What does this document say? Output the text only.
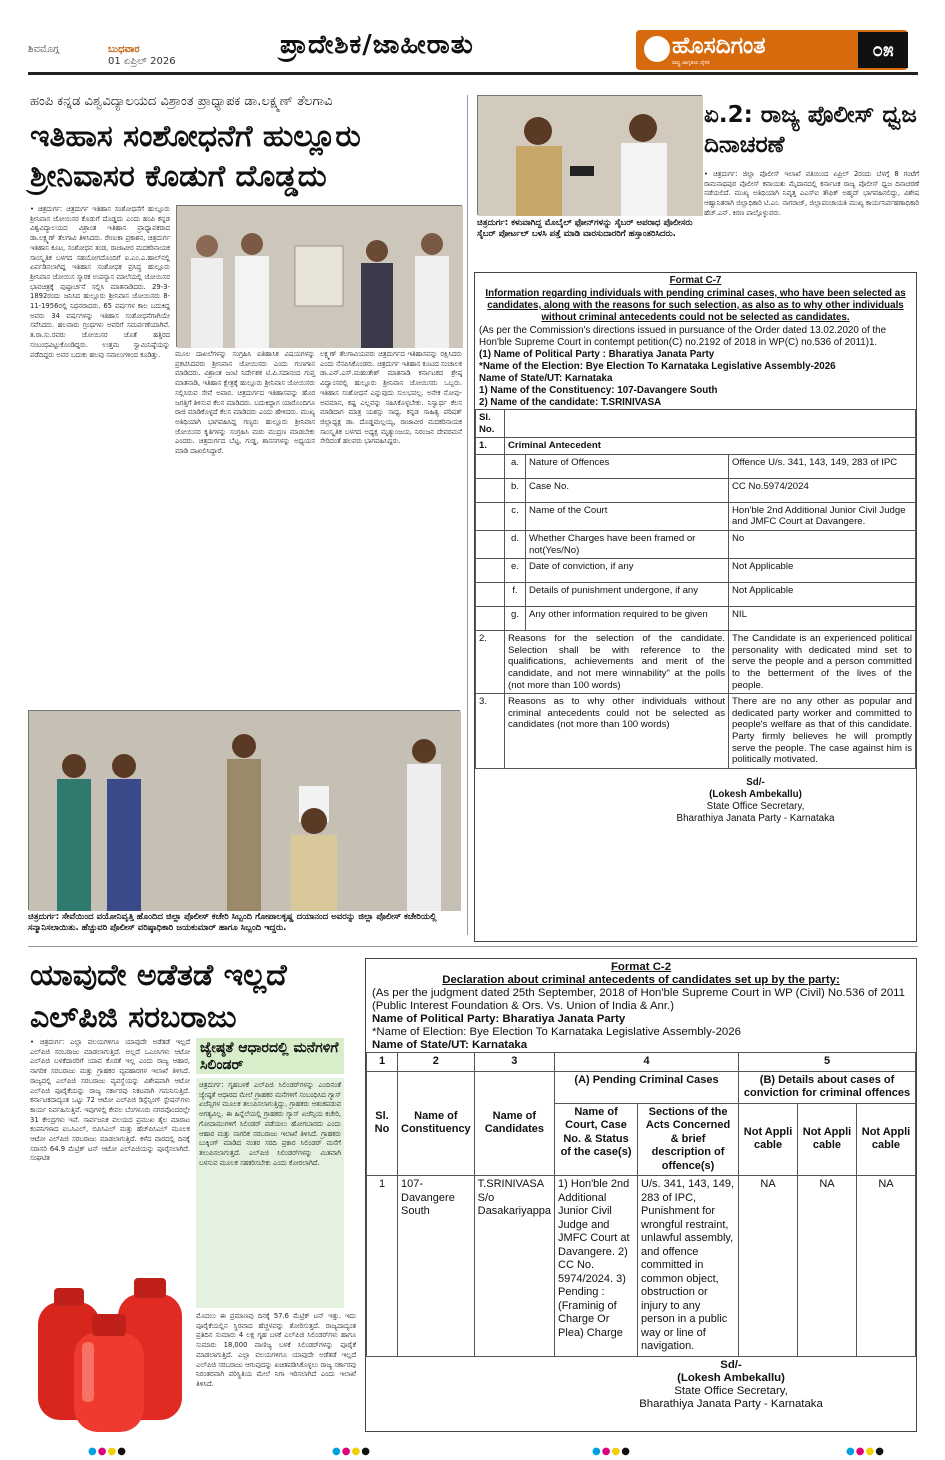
ಶಿವಮೊಗ್ಗ	ಬುಧವಾರ
01 ಏಪ್ರಿಲ್ 2026
ಪ್ರಾದೇಶಿಕ/ಜಾಹೀರಾತು	ಹೊಸದಿಗಂತ
ರಾಷ್ಟ್ರ ಜಾಗೃತಿಯ ದೈನಿಕ
೦೫
ಹಂಪಿ ಕನ್ನಡ ವಿಶ್ವವಿದ್ಯಾಲಯದ ವಿಶ್ರಾಂತ ಪ್ರಾಧ್ಯಾಪಕ ಡಾ.ಲಕ್ಷ್ಮಣ್ ತೆಲಗಾವಿ
ಇತಿಹಾಸ ಸಂಶೋಧನೆಗೆ ಹುಲ್ಲೂರು ಶ್ರೀನಿವಾಸರ ಕೊಡುಗೆ ದೊಡ್ಡದು
• ಚಿತ್ರದುರ್ಗ: ಚಿತ್ರದುರ್ಗ ಇತಿಹಾಸ ಸಂಶೋಧನೆಗೆ ಹುಲ್ಲೂರು ಶ್ರೀನಿವಾಸ ಜೋಯಿಸರ ಕೊಡುಗೆ ದೊಡ್ಡದು ಎಂದು ಹಂಪಿ ಕನ್ನಡ ವಿಶ್ವವಿದ್ಯಾಲಯದ ವಿಶ್ರಾಂತ ಇತಿಹಾಸ ಪ್ರಾಧ್ಯಾಪಕರಾದ ಡಾ.ಲಕ್ಷ್ಮಣ್ ತೆಲಗಾವಿ ತಿಳಿಸಿದರು. ರೇಣುಕಾ ಪ್ರಕಾಶನ, ಚಿತ್ರದುರ್ಗ ಇತಿಹಾಸ ಕೂಟ, ಸಂಶೋಧನ ತಂಡ, ರಾಜಾವೀರ ಮದಕರಿನಾಯಕ ಸಾಂಸ್ಕೃತಿಕ ಬಳಗದ ಸಹಯೋಗದೊಂದಿಗೆ ಐ.ಎಂ.ಎ.ಹಾಲ್‌ನಲ್ಲಿ ಏರ್ಪಡಿಸಲಾಗಿದ್ದ ಇತಿಹಾಸ ಸಂಶೋಧಕ ಪ್ರಸಿದ್ಧ ಹುಲ್ಲೂರು ಶ್ರೀನಿವಾಸ ಜೋಯಿಸ ಸ್ಮಾರಕ ಉಪನ್ಯಾಸ ಮಾಲೆಯಲ್ಲಿ ಜೋಯಿಸರ ಭಾವಚಿತ್ರಕ್ಕೆ ಪುಷ್ಪಾರ್ಚನೆ ಸಲ್ಲಿಸಿ ಮಾತನಾಡಿದರು. 29-3-1892ರಂದು ಜನಿಸಿದ ಹುಲ್ಲೂರು ಶ್ರೀನಿವಾಸ ಜೋಯಿಸರು 8-11-1956ರಲ್ಲಿ ನಿಧನರಾದರು. 65 ವರ್ಷಗಳ ಕಾಲ ಬದುಕಿದ್ದ ಅವರು 34 ವರ್ಷಗಳನ್ನು ಇತಿಹಾಸ ಸಂಶೋಧನೆಗಾಗಿಯೇ ಸವೆಸಿದರು. ಹಲವಾರು ಗ್ರಂಥಗಳು ಅವರಿಗೆ ಸಮರ್ಪಣೆಯಾಗಿವೆ. ತ.ರಾ.ಸು.ರವರು ಜೋಯಿಸರ ಜೊತೆ ಹತ್ತಿರದ ಸಂಬಂಧವಿಟ್ಟುಕೊಂಡಿದ್ದರು. ಉತ್ತಮ ಸ್ವಾಮಿನಿಷ್ಠೆಯನ್ನು ಪಡೆದಿದ್ದರು ಅವರ ಬದುಕು ಹಲವು ಸವಾಲುಗಳಿಂದ ಕೂಡಿತ್ತು.	ಮೂಲ ದಾಖಲೆಗಳನ್ನು ಸಂಗ್ರಹಿಸಿ ಐತಿಹಾಸಿಕ ವಿಷಯಗಳನ್ನು ಪ್ರಕಟಿಸಿದವರು ಶ್ರೀನಿವಾಸ ಜೋಯಿಸರು ಎಂದು ಗುಣಗಾನ ಮಾಡಿದರು. ವಿಶ್ರಾಂತ ಜಂಟಿ ನಿರ್ದೇಶಕ ಟಿ.ಪಿ.ಸದಾನಂದ ಗುಪ್ತ ಮಾತನಾಡಿ, ಇತಿಹಾಸ ಕ್ಷೇತ್ರಕ್ಕೆ ಹುಲ್ಲೂರು ಶ್ರೀನಿವಾಸ ಜೋಯಿಸರು ಸಲ್ಲಿಸಿರುವ ಸೇವೆ ಅಪಾರ. ಚಿತ್ರದುರ್ಗದ ಇತಿಹಾಸವನ್ನು ಹೊರ ಜಗತ್ತಿಗೆ ತಿಳಿಸುವ ಕೆಲಸ ಮಾಡಿದರು. ಬದುಕಿದ್ದಾಗ ಯಾರೊಂದಿಗೂ ರಾಜಿ ಮಾಡಿಕೊಳ್ಳದೆ ಕೆಲಸ ಮಾಡಿದರು ಎಂದು ಹೇಳಿದರು. ಮುಖ್ಯ ಅತಿಥಿಯಾಗಿ ಭಾಗವಹಿಸಿದ್ದ ಗಣ್ಯರು ಹುಲ್ಲೂರು ಶ್ರೀನಿವಾಸ ಜೋಯಿಸರ ಕೃತಿಗಳನ್ನು ಸಂಗ್ರಹಿಸಿ ಮರು ಮುದ್ರಣ ಮಾಡಬೇಕು ಎಂದರು. ಚಿತ್ರದುರ್ಗದ ಬೆಟ್ಟ, ಗುಡ್ಡ, ಶಾಸನಗಳನ್ನು ಅಧ್ಯಯನ ಮಾಡಿ ದಾಖಲಿಸಿದ್ದಾರೆ.
ಲಕ್ಷ್ಮಣ್ ತೆಲಗಾವಿಯವರು ಚಿತ್ರದುರ್ಗದ ಇತಿಹಾಸವನ್ನು ರಕ್ಷಿಸಿದರು ಎಂದು ನೆನಪಿಸಿಕೊಂಡರು. ಚಿತ್ರದುರ್ಗ ಇತಿಹಾಸ ಕೂಟದ ಸಂಚಾಲಕ ಡಾ.ಎನ್.ಎಸ್.ಮಹಂತೇಶ್ ಮಾತನಾಡಿ ಕರ್ನಾಟಕದ ಶ್ರೇಷ್ಠ ವಿದ್ವಾಂಸರಲ್ಲಿ ಹುಲ್ಲೂರು ಶ್ರೀನಿವಾಸ ಜೋಯಿಸರು ಒಬ್ಬರು. ಇತಿಹಾಸ ಸಂಶೋಧನೆ ಎನ್ನುವುದು ಸುಲಭವಲ್ಲ. ಅನೇಕ ನೋವು-ಅವಮಾನ, ಕಷ್ಟ ಎಲ್ಲವನ್ನು ಸಹಿಸಿಕೊಳ್ಳಬೇಕು. ನಿಸ್ವಾರ್ಥ ಕೆಲಸ ಮಾಡಿದಾಗ ಮಾತ್ರ ಯಶಸ್ಸು ಸಾಧ್ಯ. ಕನ್ನಡ ಸಾಹಿತ್ಯ ಪರಿಷತ್ ಜಿಲ್ಲಾಧ್ಯಕ್ಷ ಡಾ. ದೊಡ್ಡಮಲ್ಲಯ್ಯ, ರಾಜಾವೀರ ಮದಕರಿನಾಯಕ ಸಾಂಸ್ಕೃತಿಕ ಬಳಗದ ಅಧ್ಯಕ್ಷ ಮೃತ್ಯುಂಜಯ, ನಿರಂಜನ ದೇವರಮನೆ ಸೇರಿದಂತೆ ಹಲವರು ಭಾಗವಹಿಸಿದ್ದರು.
ಚಿತ್ರದುರ್ಗ: ಸೇವೆಯಿಂದ ವಯೋನಿವೃತ್ತಿ ಹೊಂದಿದ ಜಿಲ್ಲಾ ಪೊಲೀಸ್ ಕಚೇರಿ ಸಿಬ್ಬಂದಿ ಗೋಪಾಲಕೃಷ್ಣ ದಯಾನಂದ ಅವರನ್ನು ಜಿಲ್ಲಾ ಪೊಲೀಸ್ ಕಚೇರಿಯಲ್ಲಿ ಸನ್ಮಾನಿಸಲಾಯಿತು. ಹೆಚ್ಚುವರಿ ಪೊಲೀಸ್ ವರಿಷ್ಠಾಧಿಕಾರಿ ಜಯಕುಮಾರ್ ಹಾಗೂ ಸಿಬ್ಬಂದಿ ಇದ್ದರು.
ಚಿತ್ರದುರ್ಗ: ಕಳುವಾಗಿದ್ದ ಮೊಬೈಲ್ ಫೋನ್‌ಗಳನ್ನು ಸೈಬರ್ ಅಪರಾಧ ಪೊಲೀಸರು ಸೈಬರ್ ಪೋರ್ಟಲ್ ಬಳಸಿ ಪತ್ತೆ ಮಾಡಿ ವಾರಸುದಾರರಿಗೆ ಹಸ್ತಾಂತರಿಸಿದರು.
ಏ.2: ರಾಜ್ಯ ಪೊಲೀಸ್ ಧ್ವಜ ದಿನಾಚರಣೆ
• ಚಿತ್ರದುರ್ಗ: ಜಿಲ್ಲಾ ಪೊಲೀಸ್ ಇಲಾಖೆ ವತಿಯಿಂದ ಏಪ್ರಿಲ್ 2ರಂದು ಬೆಳಗ್ಗೆ 8 ಗಂಟೆಗೆ ರಾಮನಾಥಪುರ ಪೊಲೀಸ್ ಕವಾಯತು ಮೈದಾನದಲ್ಲಿ ಕರ್ನಾಟಕ ರಾಜ್ಯ ಪೊಲೀಸ್ ಧ್ವಜ ದಿನಾಚರಣೆ ನಡೆಯಲಿದೆ. ಮುಖ್ಯ ಅತಿಥಿಯಾಗಿ ನಿವೃತ್ತ ಎಎಸ್‌ಐ ತೌಫಿಕ್ ಅಹ್ಮದ್ ಭಾಗವಹಿಸಲಿದ್ದು, ವಿಶೇಷ ಆಹ್ವಾನಿತರಾಗಿ ಜಿಲ್ಲಾಧಿಕಾರಿ ಟಿ.ಎಂ. ನಾಗರಾಜ್, ಜಿಲ್ಲಾಪಂಚಾಯತಿ ಮುಖ್ಯ ಕಾರ್ಯನಿರ್ವಹಣಾಧಿಕಾರಿ ಹೆಚ್.ಎನ್. ಕಿರಣ ಪಾಲ್ಗೊಳ್ಳುವರು.
Format C-7
Information regarding individuals with pending criminal cases, who have been selected as candidates, along with the reasons for such selection, as also as to why other individuals without criminal antecedents could not be selected as candidates.

(As per the Commission's directions issued in pursuance of the Order dated 13.02.2020 of the Hon'ble Supreme Court in contempt petition(C) no.2192 of 2018 in WP(C) no.536 of 2011)1.

(1) Name of Political Party : Bharatiya Janata Party

*Name of the Election: Bye Election To Karnataka Legislative Assembly-2026

Name of State/UT: Karnataka

1) Name of the Constituency: 107-Davangere South

2) Name of the candidate: T.SRINIVASA

Sl. No.			
1.	Criminal Antecedent		
	a.	Nature of Offences	Offence U/s. 341, 143, 149, 283 of IPC
	b.	Case No.	CC No.5974/2024
	c.	Name of the Court	Hon'ble 2nd Additional Junior Civil Judge and JMFC Court at Davangere.
	d.	Whether Charges have been framed or not(Yes/No)	No
	e.	Date of conviction, if any	Not Applicable
	f.	Details of punishment undergone, if any	Not Applicable
	g.	Any other information required to be given	NIL
2.	Reasons for the selection of the candidate. Selection shall be with reference to the qualifications, achievements and merit of the candidate, and not mere winnability" at the polls (not more than 100 words)		The Candidate is an experienced political personality with dedicated mind set to serve the people and a person committed to the betterment of the lives of the people.
3.	Reasons as to why other individuals without criminal antecedents could not be selected as candidates (not more than 100 words)		There are no any other as popular and dedicated party worker and committed to people's welfare as that of this candidate. Party firmly believes he will promptly serve the people. The case against him is politically motivated.
Sd/-
(Lokesh Ambekallu)
State Office Secretary,
Bharathiya Janata Party - Karnataka
ಯಾವುದೇ ಅಡೆತಡೆ ಇಲ್ಲದೆ ಎಲ್‌ಪಿಜಿ ಸರಬರಾಜು
• ಚಿತ್ರದುರ್ಗ: ಎಲ್ಲಾ ವಲಯಗಳಿಗೂ ಯಾವುದೇ ಅಡೆತಡೆ ಇಲ್ಲದೆ ಎಲ್‌ಪಿಜಿ ಸರಬರಾಜು ಮಾಡಲಾಗುತ್ತಿದೆ. ಅಲ್ಲದೆ ಒಎಂಸಿಗಳು ಆಟೋ ಎಲ್‌ಪಿಜಿ ಬಳಕೆದಾರರಿಗೆ ಯಾವ ಕೊರತೆ ಇಲ್ಲ ಎಂದು ರಾಜ್ಯ ಆಹಾರ, ನಾಗರಿಕ ಸರಬರಾಜು ಮತ್ತು ಗ್ರಾಹಕರ ವ್ಯವಹಾರಗಳ ಇಲಾಖೆ ತಿಳಿಸಿದೆ. ರಾಜ್ಯದಲ್ಲಿ ಎಲ್‌ಪಿಜಿ ಸರಬರಾಜು ವ್ಯವಸ್ಥೆಯನ್ನು ವಿಶೇಷವಾಗಿ ಆಟೋ ಎಲ್‌ಪಿಜಿ ಪೂರೈಕೆಯನ್ನು ರಾಜ್ಯ ಸರ್ಕಾರವು ನಿಕಟವಾಗಿ ಗಮನಿಸುತ್ತಿದೆ. ಕರ್ನಾಟಕದಾದ್ಯಂತ ಒಟ್ಟು 72 ಆಟೋ ಎಲ್‌ಪಿಜಿ ಡಿಸ್ಪೆನ್ಸಿಂಗ್ ಸ್ಟೇಷನ್‌ಗಳು ಕಾರ್ಯ ನಿರ್ವಹಿಸುತ್ತಿವೆ. ಇವುಗಳಲ್ಲಿ ಕೇವಲ ಬೆಂಗಳೂರು ನಗರವೊಂದರಲ್ಲೇ 31 ಕೇಂದ್ರಗಳು ಇವೆ. ಸಾರ್ವಜನಿಕ ವಲಯದ ಪ್ರಮುಖ ತೈಲ ಮಾರಾಟ ಕಂಪನಿಗಳಾದ ಐಒಸಿಎಲ್, ಬಿಪಿಸಿಎಲ್ ಮತ್ತು ಹೆಚ್‌ಪಿಸಿಎಲ್ ಮೂಲಕ ಆಟೋ ಎಲ್‌ಪಿಜಿ ಸರಬರಾಜು ಮಾಡಲಾಗುತ್ತಿದೆ. ಕಳೆದ ವಾರದಲ್ಲಿ ದಿನಕ್ಕೆ ಸರಾಸರಿ 64.9 ಮೆಟ್ರಿಕ್ ಟನ್ ಆಟೋ ಎಲ್‌ಪಿಜಿಯನ್ನು ಪೂರೈಸಲಾಗಿದೆ. ಸಂಘಟಿತ
ಜ್ಯೇಷ್ಠತೆ ಆಧಾರದಲ್ಲಿ ಮನೆಗಳಿಗೆ ಸಿಲಿಂಡರ್
ಚಿತ್ರದುರ್ಗ: ಗೃಹಬಳಕೆ ಎಲ್‌ಪಿಜಿ ಸಿಲಿಂಡರ್‌ಗಳನ್ನು ಎಂದಿನಂತೆ ಜ್ಯೇಷ್ಠತೆ ಆಧಾರದ ಮೇಲೆ ಗ್ರಾಹಕರ ಮನೆಗಳಿಗೆ ಸಂಬಂಧಿಸಿದ ಗ್ಯಾಸ್ ಏಜೆನ್ಸಿಗಳ ಮೂಲಕ ತಲುಪಿಸಲಾಗುತ್ತಿದ್ದು, ಗ್ರಾಹಕರು ಆತಂಕಪಡುವ ಅಗತ್ಯವಿಲ್ಲ. ಈ ಹಿನ್ನೆಲೆಯಲ್ಲಿ ಗ್ರಾಹಕರು ಗ್ಯಾಸ್ ಏಜೆನ್ಸಿಯ ಕಚೇರಿ, ಗೋದಾಮುಗಳಿಗೆ ಸಿಲಿಂಡರ್ ಪಡೆಯಲು ಹೋಗಬಾರದು ಎಂದು ಆಹಾರ ಮತ್ತು ನಾಗರಿಕ ಸರಬರಾಜು ಇಲಾಖೆ ತಿಳಿಸಿದೆ. ಗ್ರಾಹಕರು ಬುಕ್ಕಿಂಗ್ ಮಾಡಿದ ನಂತರ ಸರದಿ ಪ್ರಕಾರ ಸಿಲಿಂಡರ್ ಮನೆಗೆ ತಲುಪಿಸಲಾಗುತ್ತದೆ. ಎಲ್‌ಪಿಜಿ ಸಿಲಿಂಡರ್‌ಗಳನ್ನು ಮಿತವಾಗಿ ಬಳಸುವ ಮೂಲಕ ಸಹಕರಿಸಬೇಕು ಎಂದು ಕೋರಲಾಗಿದೆ.
ಮೊದಲು ಈ ಪ್ರಮಾಣವು ದಿನಕ್ಕೆ 57.6 ಮೆಟ್ರಿಕ್ ಟನ್ ಇತ್ತು. ಇದು ಪೂರೈಕೆಯಲ್ಲಿನ ಸ್ಥಿರವಾದ ಹೆಚ್ಚಳವನ್ನು ತೋರಿಸುತ್ತದೆ. ರಾಜ್ಯದಾದ್ಯಂತ ಪ್ರತಿದಿನ ಸುಮಾರು 4 ಲಕ್ಷ ಗೃಹ ಬಳಕೆ ಎಲ್‌ಪಿಜಿ ಸಿಲಿಂಡರ್‌ಗಳು ಹಾಗೂ ಸುಮಾರು 18,000 ವಾಣಿಜ್ಯ ಬಳಕೆ ಸಿಲಿಂಡರ್‌ಗಳನ್ನು ಪೂರೈಕೆ ಮಾಡಲಾಗುತ್ತಿದೆ. ಎಲ್ಲಾ ವಲಯಗಳಿಗೂ ಯಾವುದೇ ಅಡೆತಡೆ ಇಲ್ಲದೆ ಎಲ್‌ಪಿಜಿ ಸರಬರಾಜು ಆಗುವುದನ್ನು ಖಚಿತಪಡಿಸಿಕೊಳ್ಳಲು ರಾಜ್ಯ ಸರ್ಕಾರವು ನಿರಂತರವಾಗಿ ಪರಿಸ್ಥಿತಿಯ ಮೇಲೆ ನಿಗಾ ಇರಿಸಲಾಗಿದೆ ಎಂದು ಇಲಾಖೆ ತಿಳಿಸಿದೆ.
Format C-2
Declaration about criminal antecedents of candidates set up by the party:

(As per the judgment dated 25th September, 2018 of Hon'ble Supreme Court in WP (Civil) No.536 of 2011 (Public Interest Foundation & Ors. Vs. Union of India & Anr.)

Name of Political Party: Bharatiya Janata Party

*Name of Election: Bye Election To Karnataka Legislative Assembly-2026

Name of State/UT: Karnataka

1	2	3	4		5		
Sl. No	Name of Constituency	Name of Candidates	(A) Pending Criminal Cases		(B) Details about cases of conviction for criminal offences		
			Name of Court, Case No. & Status of the case(s)	Sections of the Acts Concerned & brief description of offence(s)	Not Appli cable	Not Appli cable	Not Appli cable
1	107-Davangere South	T.SRINIVASA S/o Dasakariyappa	1) Hon'ble 2nd Additional Junior Civil Judge and JMFC Court at Davangere. 2) CC No. 5974/2024. 3) Pending : (Framinig of Charge Or Plea) Charge	U/s. 341, 143, 149, 283 of IPC, Punishment for wrongful restraint, unlawful assembly, and offence committed in common object, obstruction or injury to any person in a public way or line of navigation.	NA	NA	NA
Sd/-
(Lokesh Ambekallu)
State Office Secretary,
Bharathiya Janata Party - Karnataka
●●●●	●●●●	●●●●	●●●●
